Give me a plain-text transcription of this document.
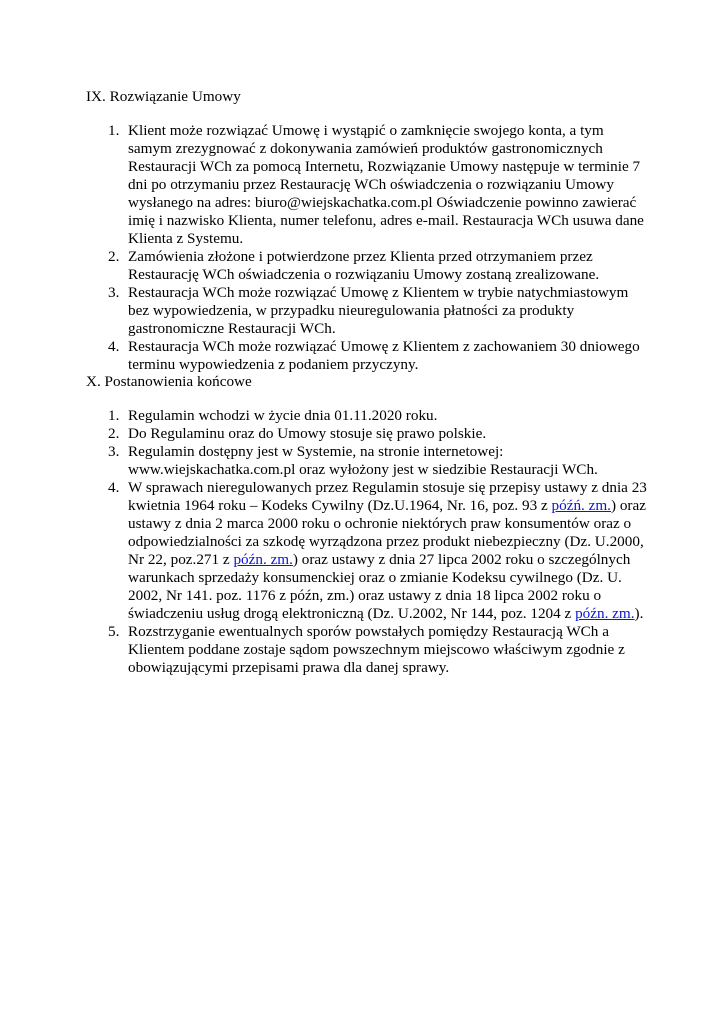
IX. Rozwiązanie Umowy
1. Klient może rozwiązać Umowę i wystąpić o zamknięcie swojego konta, a tym samym zrezygnować z dokonywania zamówień produktów gastronomicznych Restauracji WCh za pomocą Internetu, Rozwiązanie Umowy następuje w terminie 7 dni po otrzymaniu przez Restaurację WCh oświadczenia o rozwiązaniu Umowy wysłanego na adres: biuro@wiejskachatka.com.pl Oświadczenie powinno zawierać imię i nazwisko Klienta, numer telefonu, adres e-mail. Restauracja WCh usuwa dane Klienta z Systemu.
2. Zamówienia złożone i potwierdzone przez Klienta przed otrzymaniem przez Restaurację WCh oświadczenia o rozwiązaniu Umowy zostaną zrealizowane.
3. Restauracja WCh może rozwiązać Umowę z Klientem w trybie natychmiastowym bez wypowiedzenia, w przypadku nieuregulowania płatności za produkty gastronomiczne Restauracji WCh.
4. Restauracja WCh może rozwiązać Umowę z Klientem z zachowaniem 30 dniowego terminu wypowiedzenia z podaniem przyczyny.
X. Postanowienia końcowe
1. Regulamin wchodzi w życie dnia 01.11.2020 roku.
2. Do Regulaminu oraz do Umowy stosuje się prawo polskie.
3. Regulamin dostępny jest w Systemie, na stronie internetowej: www.wiejskachatka.com.pl oraz wyłożony jest w siedzibie Restauracji WCh.
4. W sprawach nieregulowanych przez Regulamin stosuje się przepisy ustawy z dnia 23 kwietnia 1964 roku – Kodeks Cywilny (Dz.U.1964, Nr. 16, poz. 93 z późń. zm.) oraz ustawy z dnia 2 marca 2000 roku o ochronie niektórych praw konsumentów oraz o odpowiedzialności za szkodę wyrządzona przez produkt niebezpieczny (Dz. U.2000, Nr 22, poz.271 z późn. zm.) oraz ustawy z dnia 27 lipca 2002 roku o szczególnych warunkach sprzedaży konsumenckiej oraz o zmianie Kodeksu cywilnego (Dz. U. 2002, Nr 141. poz. 1176 z późn, zm.) oraz ustawy z dnia 18 lipca 2002 roku o świadczeniu usług drogą elektroniczną (Dz. U.2002, Nr 144, poz. 1204 z późn. zm.).
5. Rozstrzyganie ewentualnych sporów powstałych pomiędzy Restauracją WCh a Klientem poddane zostaje sądom powszechnym miejscowo właściwym zgodnie z obowiązującymi przepisami prawa dla danej sprawy.
